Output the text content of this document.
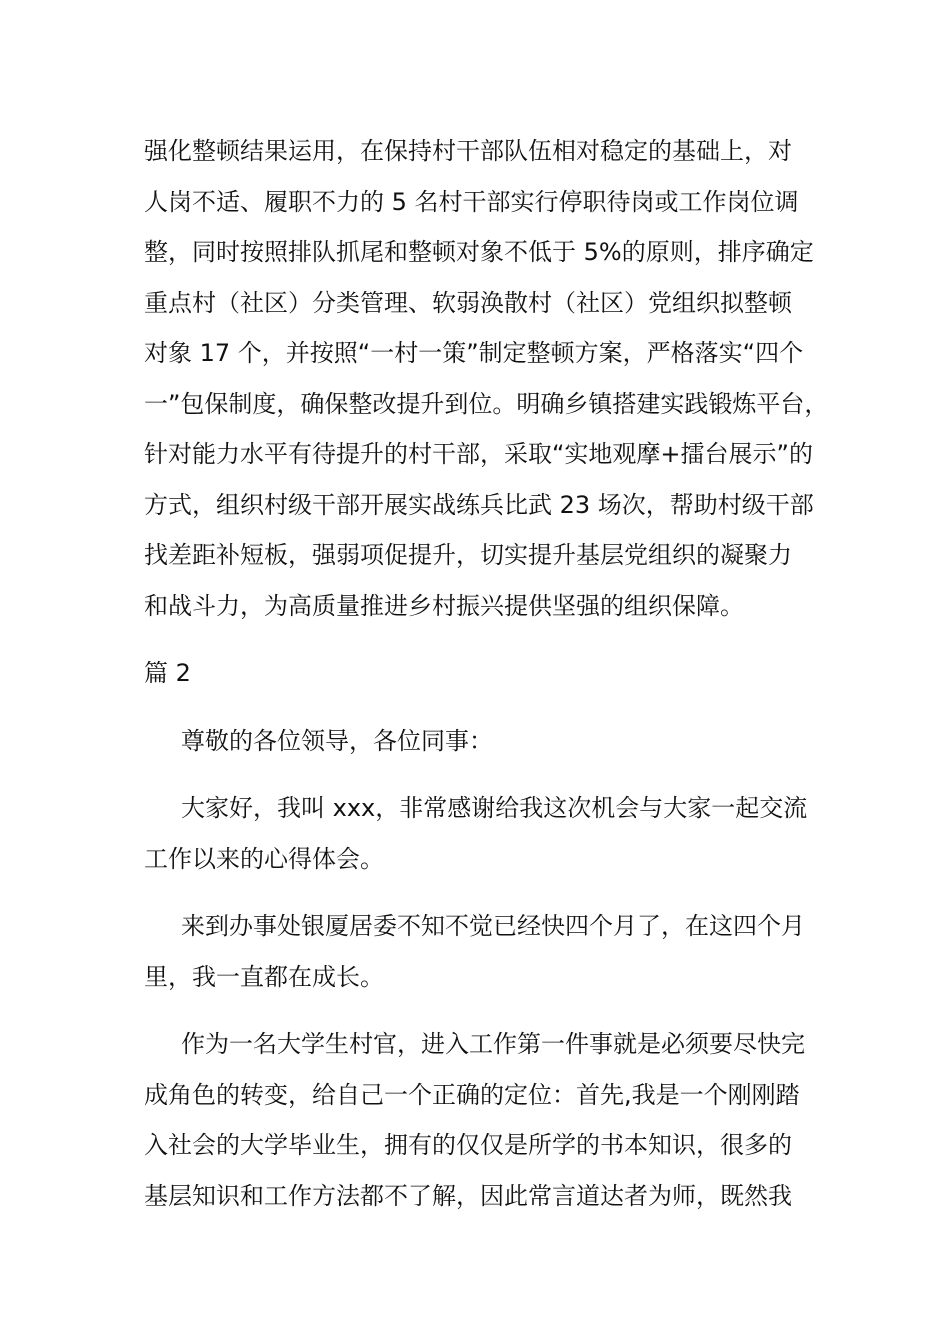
强化整顿结果运用，在保持村干部队伍相对稳定的基础上，对
人岗不适、履职不力的 5 名村干部实行停职待岗或工作岗位调
整，同时按照排队抓尾和整顿对象不低于 5%的原则，排序确定
重点村（社区）分类管理、软弱涣散村（社区）党组织拟整顿
对象 17 个，并按照“一村一策”制定整顿方案，严格落实“四个
一”包保制度，确保整改提升到位。明确乡镇搭建实践锻炼平台，
针对能力水平有待提升的村干部，采取“实地观摩+擂台展示”的
方式，组织村级干部开展实战练兵比武 23 场次，帮助村级干部
找差距补短板，强弱项促提升，切实提升基层党组织的凝聚力
和战斗力，为高质量推进乡村振兴提供坚强的组织保障。
篇 2
尊敬的各位领导，各位同事：
大家好，我叫 xxx，非常感谢给我这次机会与大家一起交流
工作以来的心得体会。
来到办事处银厦居委不知不觉已经快四个月了，在这四个月
里，我一直都在成长。
作为一名大学生村官，进入工作第一件事就是必须要尽快完
成角色的转变，给自己一个正确的定位：首先,我是一个刚刚踏
入社会的大学毕业生，拥有的仅仅是所学的书本知识，很多的
基层知识和工作方法都不了解，因此常言道达者为师，既然我
